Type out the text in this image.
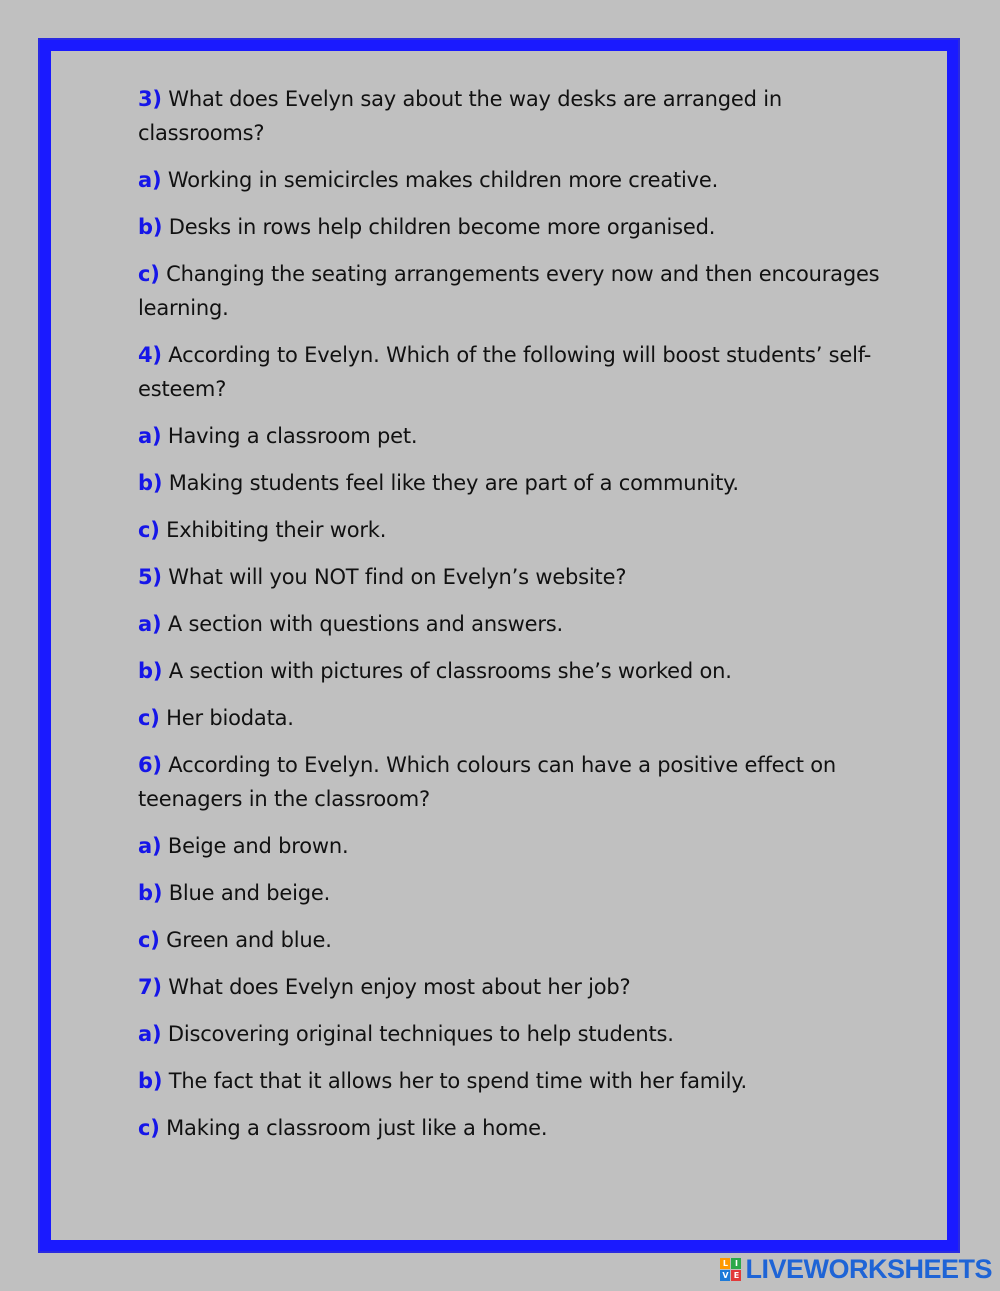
3) What does Evelyn say about the way desks are arranged in classrooms?
a) Working in semicircles makes children more creative.
b) Desks in rows help children become more organised.
c) Changing the seating arrangements every now and then encourages learning.
4) According to Evelyn. Which of the following will boost students’ self-esteem?
a) Having a classroom pet.
b) Making students feel like they are part of a community.
c) Exhibiting their work.
5) What will you NOT find on Evelyn’s website?
a) A section with questions and answers.
b) A section with pictures of classrooms she’s worked on.
c) Her biodata.
6) According to Evelyn. Which colours can have a positive effect on teenagers in the classroom?
a) Beige and brown.
b) Blue and beige.
c) Green and blue.
7) What does Evelyn enjoy most about her job?
a) Discovering original techniques to help students.
b) The fact that it allows her to spend time with her family.
c) Making a classroom just like a home.
L I
V E LIVEWORKSHEETS
